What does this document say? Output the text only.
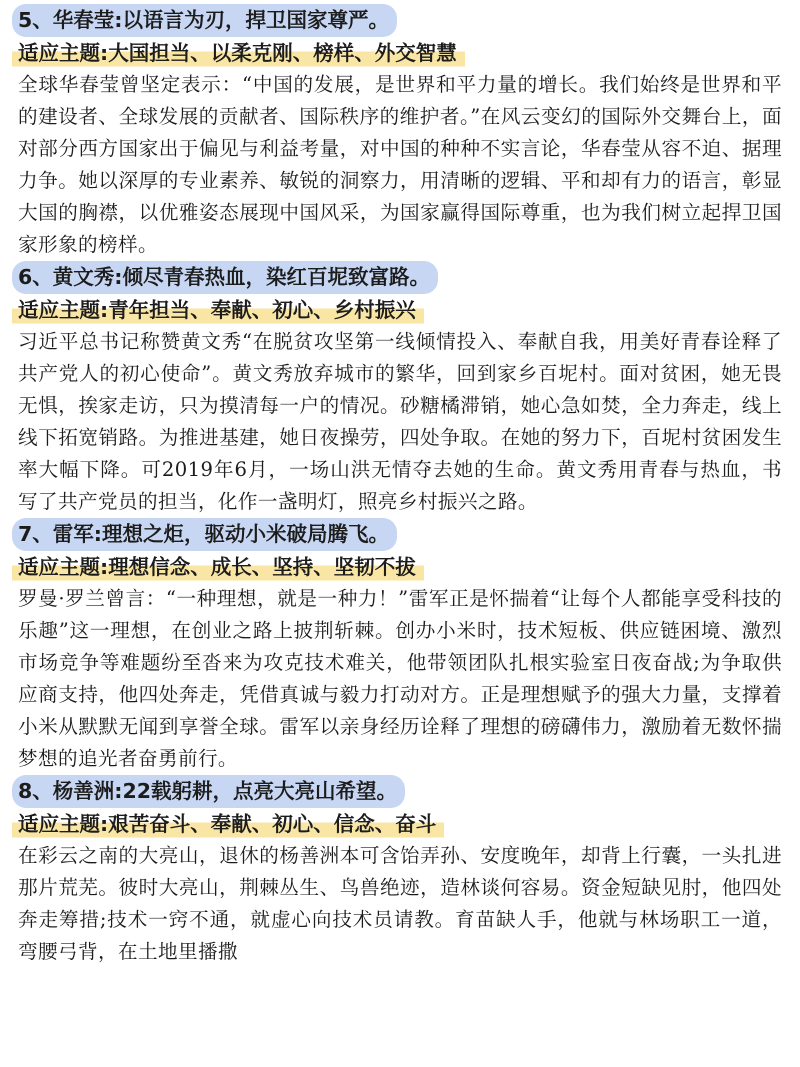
5、华春莹:以语言为刃，捍卫国家尊严。
适应主题:大国担当、以柔克刚、榜样、外交智慧

全球华春莹曾坚定表示：“中国的发展，是世界和平力量的增长。我们始终是世界和平的建设者、全球发展的贡献者、国际秩序的维护者。”在风云变幻的国际外交舞台上，面对部分西方国家出于偏见与利益考量，对中国的种种不实言论，华春莹从容不迫、据理力争。她以深厚的专业素养、敏锐的洞察力，用清晰的逻辑、平和却有力的语言，彰显大国的胸襟，以优雅姿态展现中国风采，为国家赢得国际尊重，也为我们树立起捍卫国家形象的榜样。

6、黄文秀:倾尽青春热血，染红百坭致富路。
适应主题:青年担当、奉献、初心、乡村振兴

习近平总书记称赞黄文秀“在脱贫攻坚第一线倾情投入、奉献自我，用美好青春诠释了共产党人的初心使命”。黄文秀放弃城市的繁华，回到家乡百坭村。面对贫困，她无畏无惧，挨家走访，只为摸清每一户的情况。砂糖橘滞销，她心急如焚，全力奔走，线上线下拓宽销路。为推进基建，她日夜操劳，四处争取。在她的努力下，百坭村贫困发生率大幅下降。可2019年6月，一场山洪无情夺去她的生命。黄文秀用青春与热血，书写了共产党员的担当，化作一盏明灯，照亮乡村振兴之路。

7、雷军:理想之炬，驱动小米破局腾飞。
适应主题:理想信念、成长、坚持、坚韧不拔

罗曼·罗兰曾言：“一种理想，就是一种力！”雷军正是怀揣着“让每个人都能享受科技的乐趣”这一理想，在创业之路上披荆斩棘。创办小米时，技术短板、供应链困境、激烈市场竞争等难题纷至沓来为攻克技术难关，他带领团队扎根实验室日夜奋战;为争取供应商支持，他四处奔走，凭借真诚与毅力打动对方。正是理想赋予的强大力量，支撑着小米从默默无闻到享誉全球。雷军以亲身经历诠释了理想的磅礴伟力，激励着无数怀揣梦想的追光者奋勇前行。

8、杨善洲:22载躬耕，点亮大亮山希望。
适应主题:艰苦奋斗、奉献、初心、信念、奋斗

在彩云之南的大亮山，退休的杨善洲本可含饴弄孙、安度晚年，却背上行囊，一头扎进那片荒芜。彼时大亮山，荆棘丛生、鸟兽绝迹，造林谈何容易。资金短缺见肘，他四处奔走筹措;技术一窍不通，就虚心向技术员请教。育苗缺人手，他就与林场职工一道，弯腰弓背，在土地里播撒
